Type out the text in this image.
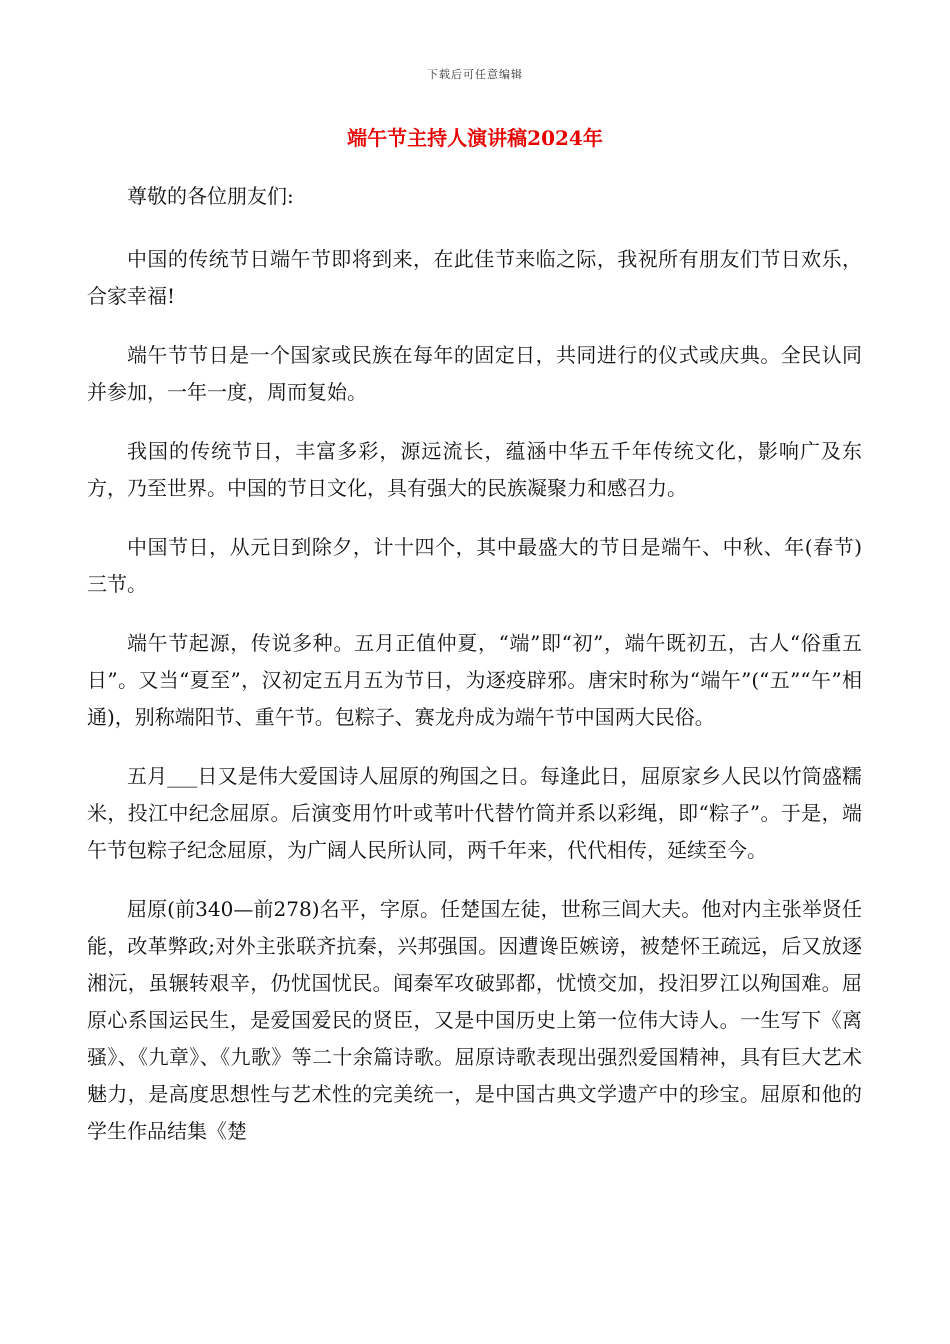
下载后可任意编辑
端午节主持人演讲稿2024年

尊敬的各位朋友们:

中国的传统节日端午节即将到来，在此佳节来临之际，我祝所有朋友们节日欢乐，合家幸福!

端午节节日是一个国家或民族在每年的固定日，共同进行的仪式或庆典。全民认同并参加，一年一度，周而复始。

我国的传统节日，丰富多彩，源远流长，蕴涵中华五千年传统文化，影响广及东方，乃至世界。中国的节日文化，具有强大的民族凝聚力和感召力。

中国节日，从元日到除夕，计十四个，其中最盛大的节日是端午、中秋、年(春节)三节。

端午节起源，传说多种。五月正值仲夏，“端”即“初”，端午既初五，古人“俗重五日”。又当“夏至”，汉初定五月五为节日，为逐疫辟邪。唐宋时称为“端午”(“五”“午”相通)，别称端阳节、重午节。包粽子、赛龙舟成为端午节中国两大民俗。

五月___日又是伟大爱国诗人屈原的殉国之日。每逢此日，屈原家乡人民以竹筒盛糯米，投江中纪念屈原。后演变用竹叶或苇叶代替竹筒并系以彩绳，即“粽子”。于是，端午节包粽子纪念屈原，为广阔人民所认同，两千年来，代代相传，延续至今。

屈原(前340—前278)名平，字原。任楚国左徒，世称三闾大夫。他对内主张举贤任能，改革弊政;对外主张联齐抗秦，兴邦强国。因遭谗臣嫉谤，被楚怀王疏远，后又放逐湘沅，虽辗转艰辛，仍忧国忧民。闻秦军攻破郢都，忧愤交加，投汨罗江以殉国难。屈原心系国运民生，是爱国爱民的贤臣，又是中国历史上第一位伟大诗人。一生写下《离骚》、《九章》、《九歌》等二十余篇诗歌。屈原诗歌表现出强烈爱国精神，具有巨大艺术魅力，是高度思想性与艺术性的完美统一，是中国古典文学遗产中的珍宝。屈原和他的学生作品结集《楚
